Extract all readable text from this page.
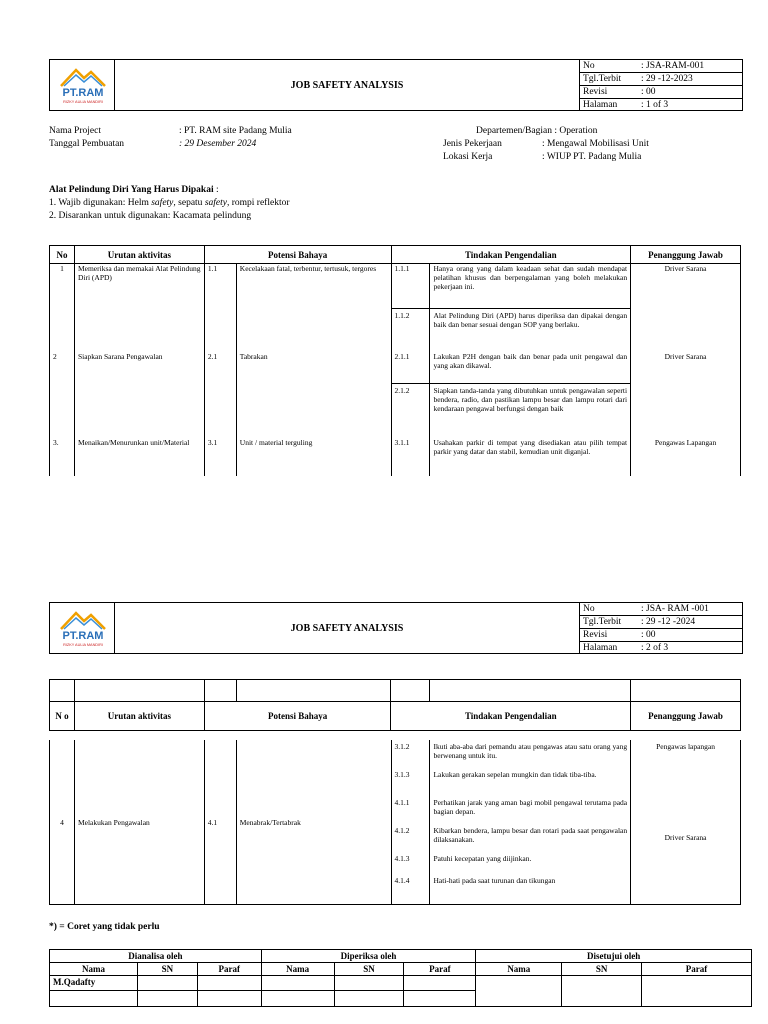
PT.RAM
RIZKY AULIA MANDIRI
JOB SAFETY ANALYSIS
No	: JSA-RAM-001
Tgl.Terbit	: 29 -12-2023
Revisi	: 00
Halaman	: 1 of 3
Nama Project	: PT. RAM site Padang Mulia
Tanggal Pembuatan	: 29 Desember 2024
Departemen/Bagian : Operation
Jenis Pekerjaan	: Mengawal Mobilisasi Unit
Lokasi Kerja	: WIUP PT. Padang Mulia
Alat Pelindung Diri Yang Harus Dipakai :
1. Wajib digunakan: Helm safety, sepatu safety, rompi reflektor
2. Disarankan untuk digunakan: Kacamata pelindung
No	Urutan aktivitas	Potensi Bahaya		Tindakan Pengendalian		Penanggung Jawab
1	Memeriksa dan memakai Alat Pelindung Diri (APD)	1.1	Kecelakaan fatal, terbentur, tertusuk, tergores	1.1.1	Hanya orang yang dalam keadaan sehat dan sudah mendapat pelatihan khusus dan berpengalaman yang boleh melakukan pekerjaan ini.	Driver Sarana
				1.1.2	Alat Pelindung Diri (APD) harus diperiksa dan dipakai dengan baik dan benar sesuai dengan SOP yang berlaku.	
2	Siapkan Sarana Pengawalan	2.1	Tabrakan	2.1.1	Lakukan P2H dengan baik dan benar pada unit pengawal dan yang akan dikawal.	Driver Sarana
				2.1.2	Siapkan tanda-tanda yang dibutuhkan untuk pengawalan seperti bendera, radio, dan pastikan lampu besar dan lampu rotari dari kendaraan pengawal berfungsi dengan baik	
3.	Menaikan/Menurunkan unit/Material	3.1	Unit / material terguling	3.1.1	Usahakan parkir di tempat yang disediakan atau pilih tempat parkir yang datar dan stabil, kemudian unit diganjal.	Pengawas Lapangan
PT.RAM
RIZKY AULIA MANDIRI
JOB SAFETY ANALYSIS
No	: JSA- RAM -001
Tgl.Terbit	: 29 -12 -2024
Revisi	: 00
Halaman	: 2 of 3

N o	Urutan aktivitas	Potensi Bahaya		Tindakan Pengendalian		Penanggung Jawab
4	Melakukan Pengawalan	4.1	Menabrak/Tertabrak	3.1.2	Ikuti aba-aba dari pemandu atau pengawas atau satu orang yang berwenang untuk itu.	Pengawas lapangan
				3.1.3	Lakukan gerakan sepelan mungkin dan tidak tiba-tiba.	Driver Sarana
				4.1.1	Perhatikan jarak yang aman bagi mobil pengawal terutama pada bagian depan.	
				4.1.2	Kibarkan bendera, lampu besar dan rotari pada saat pengawalan dilaksanakan.	
				4.1.3	Patuhi kecepatan yang diijinkan.	
				4.1.4	Hati-hati pada saat turunan dan tikungan	
*) = Coret yang tidak perlu
Dianalisa oleh			Diperiksa oleh			Disetujui oleh		
Nama	SN	Paraf	Nama	SN	Paraf	Nama	SN	Paraf
M.Qadafty								
